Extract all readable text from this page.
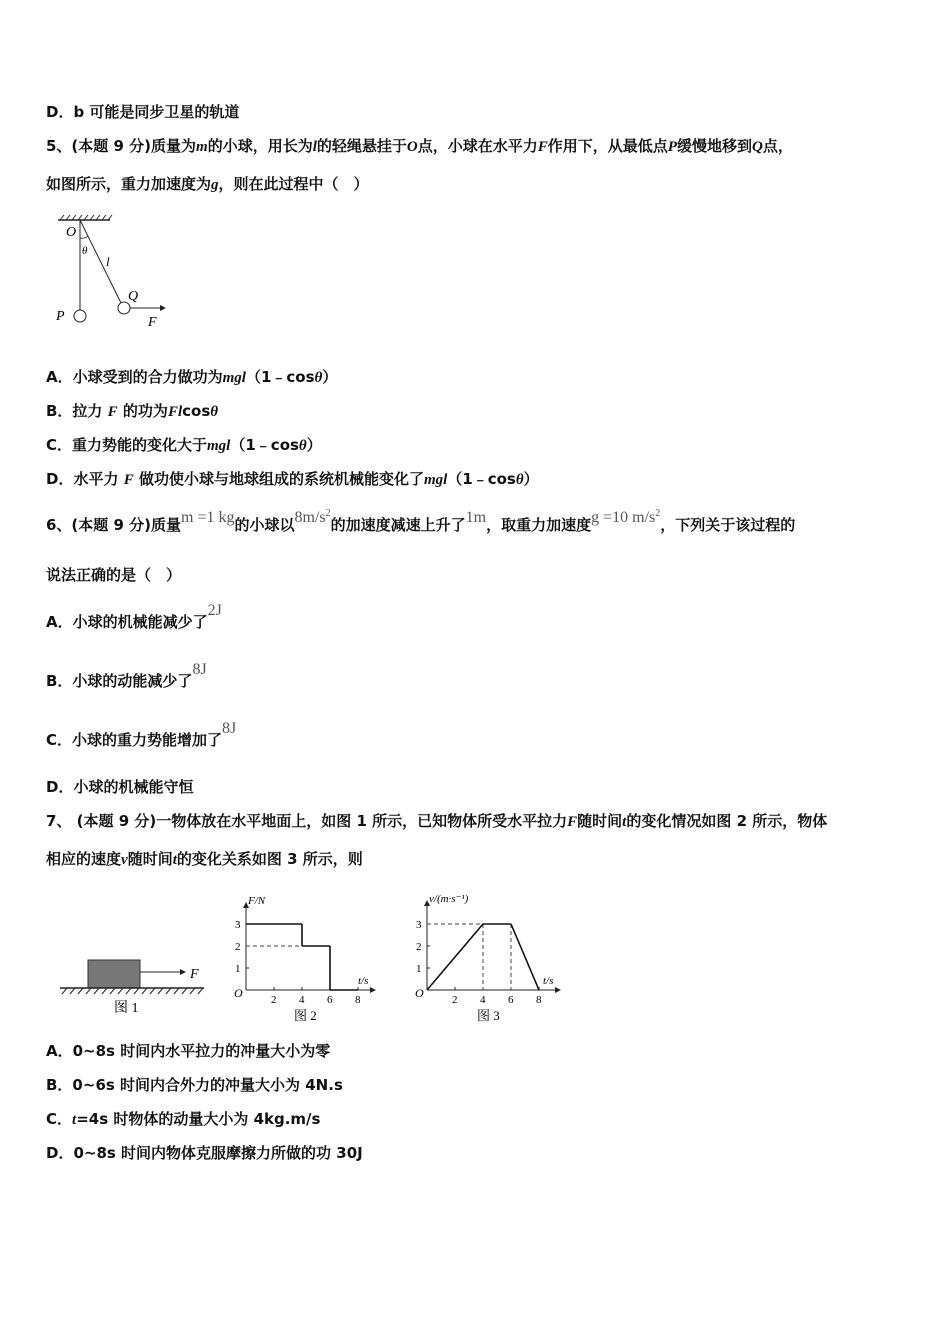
D．b 可能是同步卫星的轨道
5、(本题 9 分)质量为m的小球，用长为l的轻绳悬挂于O点，小球在水平力F作用下，从最低点P缓慢地移到Q点，
如图所示，重力加速度为g，则在此过程中（　）
O
θ
l
P
Q
F
A．小球受到的合力做功为mgl（1﹣cosθ）
B．拉力 F 的功为Flcosθ
C．重力势能的变化大于mgl（1﹣cosθ）
D．水平力 F 做功使小球与地球组成的系统机械能变化了mgl（1﹣cosθ）
6、(本题 9 分)质量m =1 kg的小球以$8m/s^2$的加速度减速上升了1m，取重力加速度g =10 $m/s^2$，下列关于该过程的
说法正确的是（　）
A．小球的机械能减少了2J
B．小球的动能减少了8J
C．小球的重力势能增加了8J
D．小球的机械能守恒
7、 (本题 9 分)一物体放在水平地面上，如图 1 所示，已知物体所受水平拉力F随时间t的变化情况如图 2 所示，物体
相应的速度v随时间t的变化关系如图 3 所示，则
F
图 1
3
2
1
2 4 6 8
O
t/s
F/N
图 2
3
2
1
2 4 6 8
O
t/s
v/(m·s⁻¹)
图 3
A．0~8s 时间内水平拉力的冲量大小为零
B．0~6s 时间内合外力的冲量大小为 4N.s
C．t=4s 时物体的动量大小为 4kg.m/s
D．0~8s 时间内物体克服摩擦力所做的功 30J
